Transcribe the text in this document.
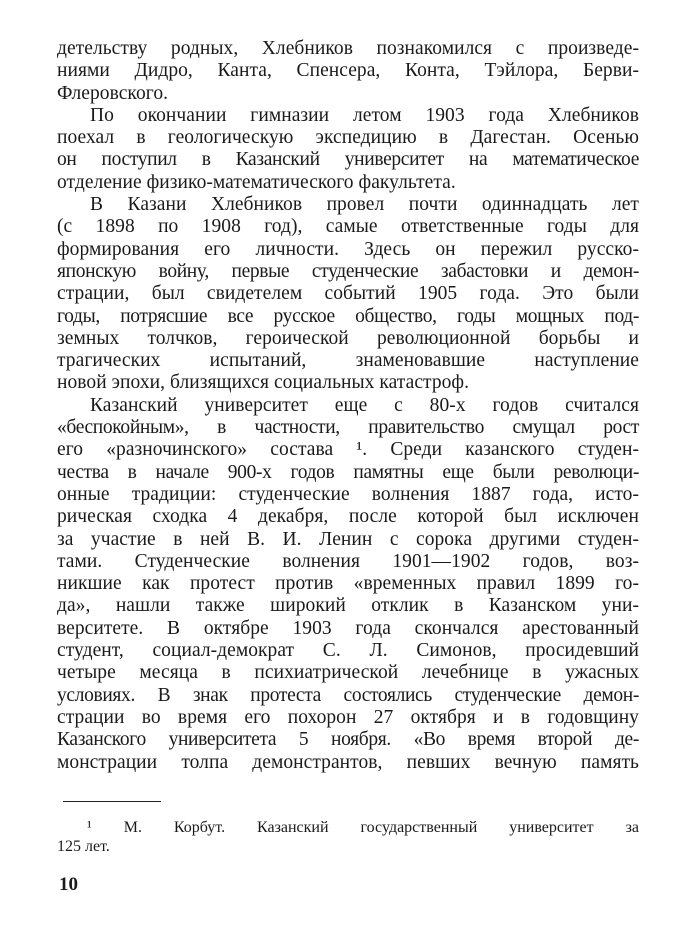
детельству родных, Хлебников познакомился с произведе-
ниями Дидро, Канта, Спенсера, Конта, Тэйлора, Берви-
Флеровского.
По окончании гимназии летом 1903 года Хлебников
поехал в геологическую экспедицию в Дагестан. Осенью
он поступил в Казанский университет на математическое
отделение физико-математического факультета.
В Казани Хлебников провел почти одиннадцать лет
(с 1898 по 1908 год), самые ответственные годы для
формирования его личности. Здесь он пережил русско-
японскую войну, первые студенческие забастовки и демон-
страции, был свидетелем событий 1905 года. Это были
годы, потрясшие все русское общество, годы мощных под-
земных толчков, героической революционной борьбы и
трагических испытаний, знаменовавшие наступление
новой эпохи, близящихся социальных катастроф.
Казанский университет еще с 80-х годов считался
«беспокойным», в частности, правительство смущал рост
его «разночинского» состава ¹. Среди казанского студен-
чества в начале 900-х годов памятны еще были революци-
онные традиции: студенческие волнения 1887 года, исто-
рическая сходка 4 декабря, после которой был исключен
за участие в ней В. И. Ленин с сорока другими студен-
тами. Студенческие волнения 1901—1902 годов, воз-
никшие как протест против «временных правил 1899 го-
да», нашли также широкий отклик в Казанском уни-
верситете. В октябре 1903 года скончался арестованный
студент, социал-демократ С. Л. Симонов, просидевший
четыре месяца в психиатрической лечебнице в ужасных
условиях. В знак протеста состоялись студенческие демон-
страции во время его похорон 27 октября и в годовщину
Казанского университета 5 ноября. «Во время второй де-
монстрации толпа демонстрантов, певших вечную память
¹ М. Корбут. Казанский государственный университет за
125 лет.
10
